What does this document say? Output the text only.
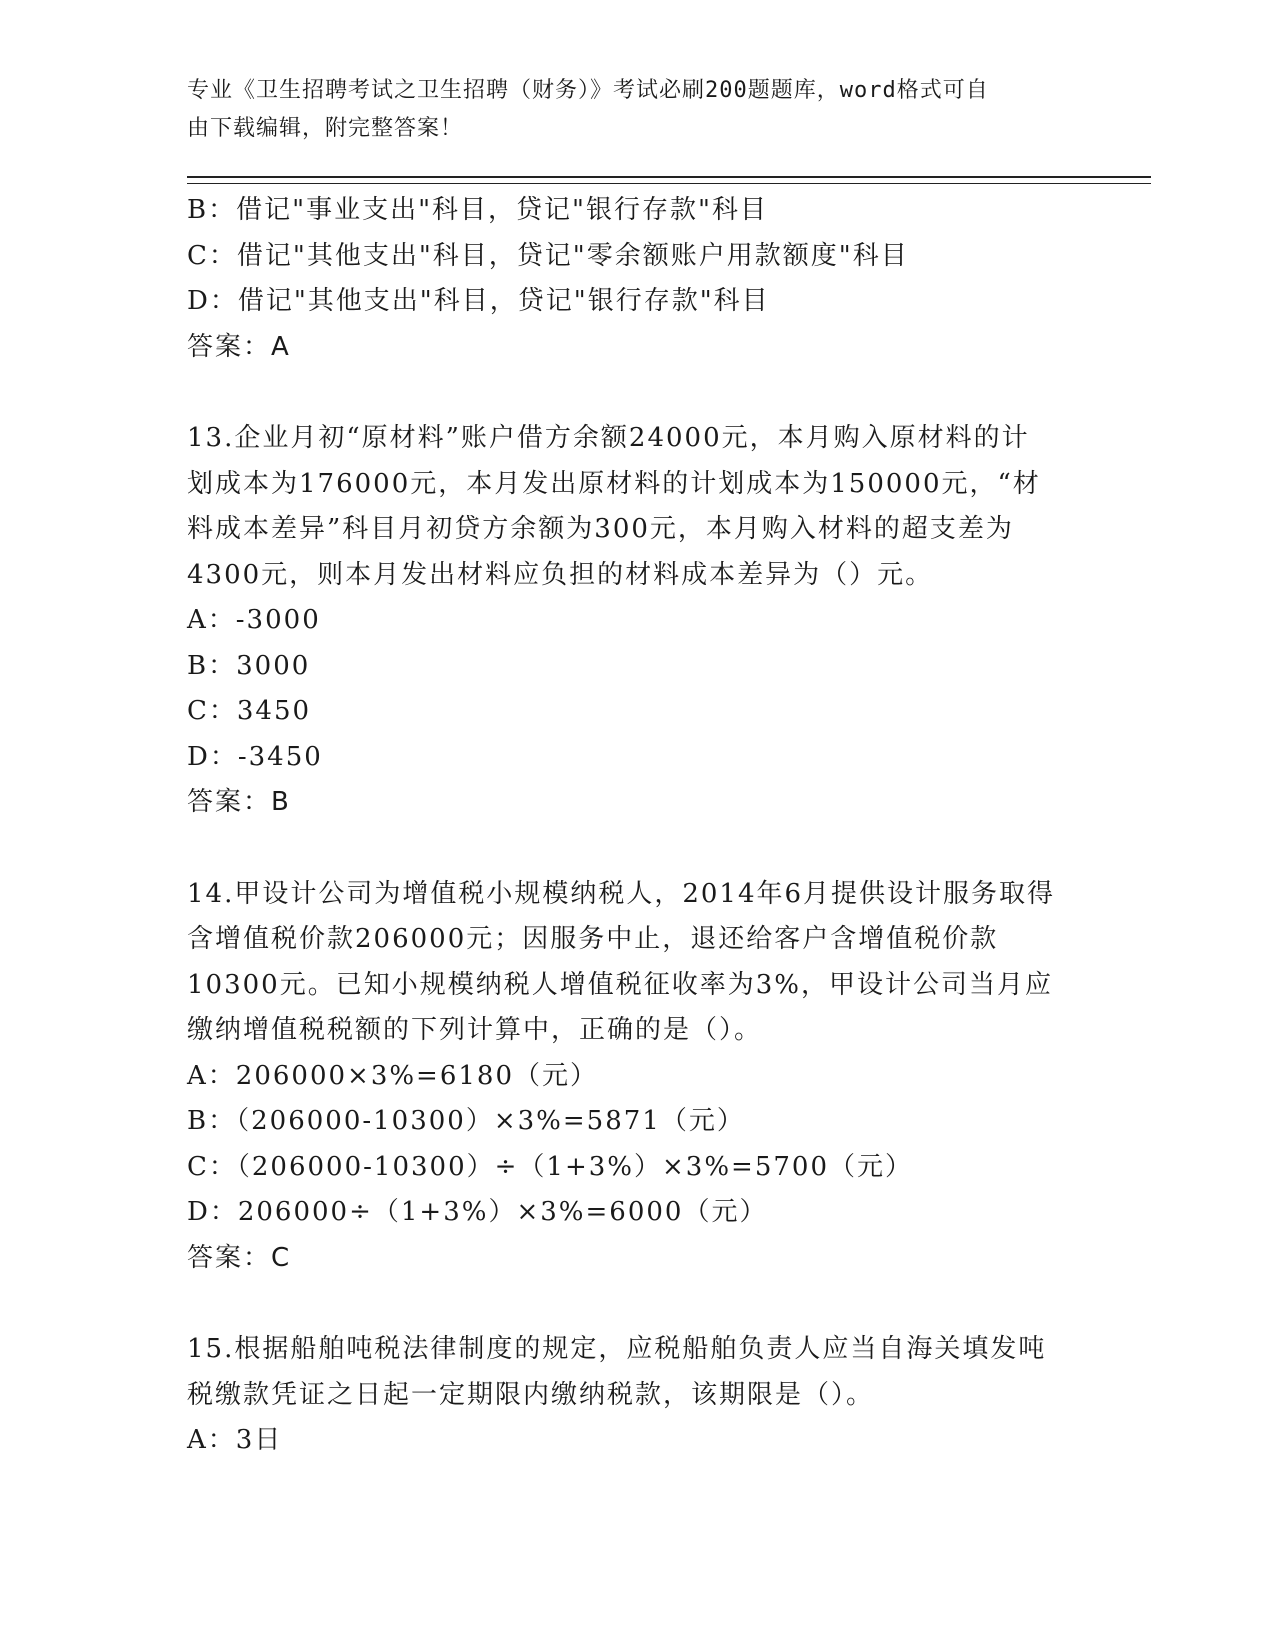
专业《卫生招聘考试之卫生招聘（财务）》考试必刷200题题库，word格式可自
由下载编辑，附完整答案！
B：借记"事业支出"科目，贷记"银行存款"科目
C：借记"其他支出"科目，贷记"零余额账户用款额度"科目
D：借记"其他支出"科目，贷记"银行存款"科目
答案：A
13.企业月初“原材料”账户借方余额24000元，本月购入原材料的计
划成本为176000元，本月发出原材料的计划成本为150000元，“材
料成本差异”科目月初贷方余额为300元，本月购入材料的超支差为
4300元，则本月发出材料应负担的材料成本差异为（）元。
A：-3000
B：3000
C：3450
D：-3450
答案：B
14.甲设计公司为增值税小规模纳税人，2014年6月提供设计服务取得
含增值税价款206000元；因服务中止，退还给客户含增值税价款
10300元。已知小规模纳税人增值税征收率为3%，甲设计公司当月应
缴纳增值税税额的下列计算中，正确的是（）。
A：206000×3%=6180（元）
B：（206000-10300）×3%=5871（元）
C：（206000-10300）÷（1+3%）×3%=5700（元）
D：206000÷（1+3%）×3%=6000（元）
答案：C
15.根据船舶吨税法律制度的规定，应税船舶负责人应当自海关填发吨
税缴款凭证之日起一定期限内缴纳税款，该期限是（）。
A：3日
